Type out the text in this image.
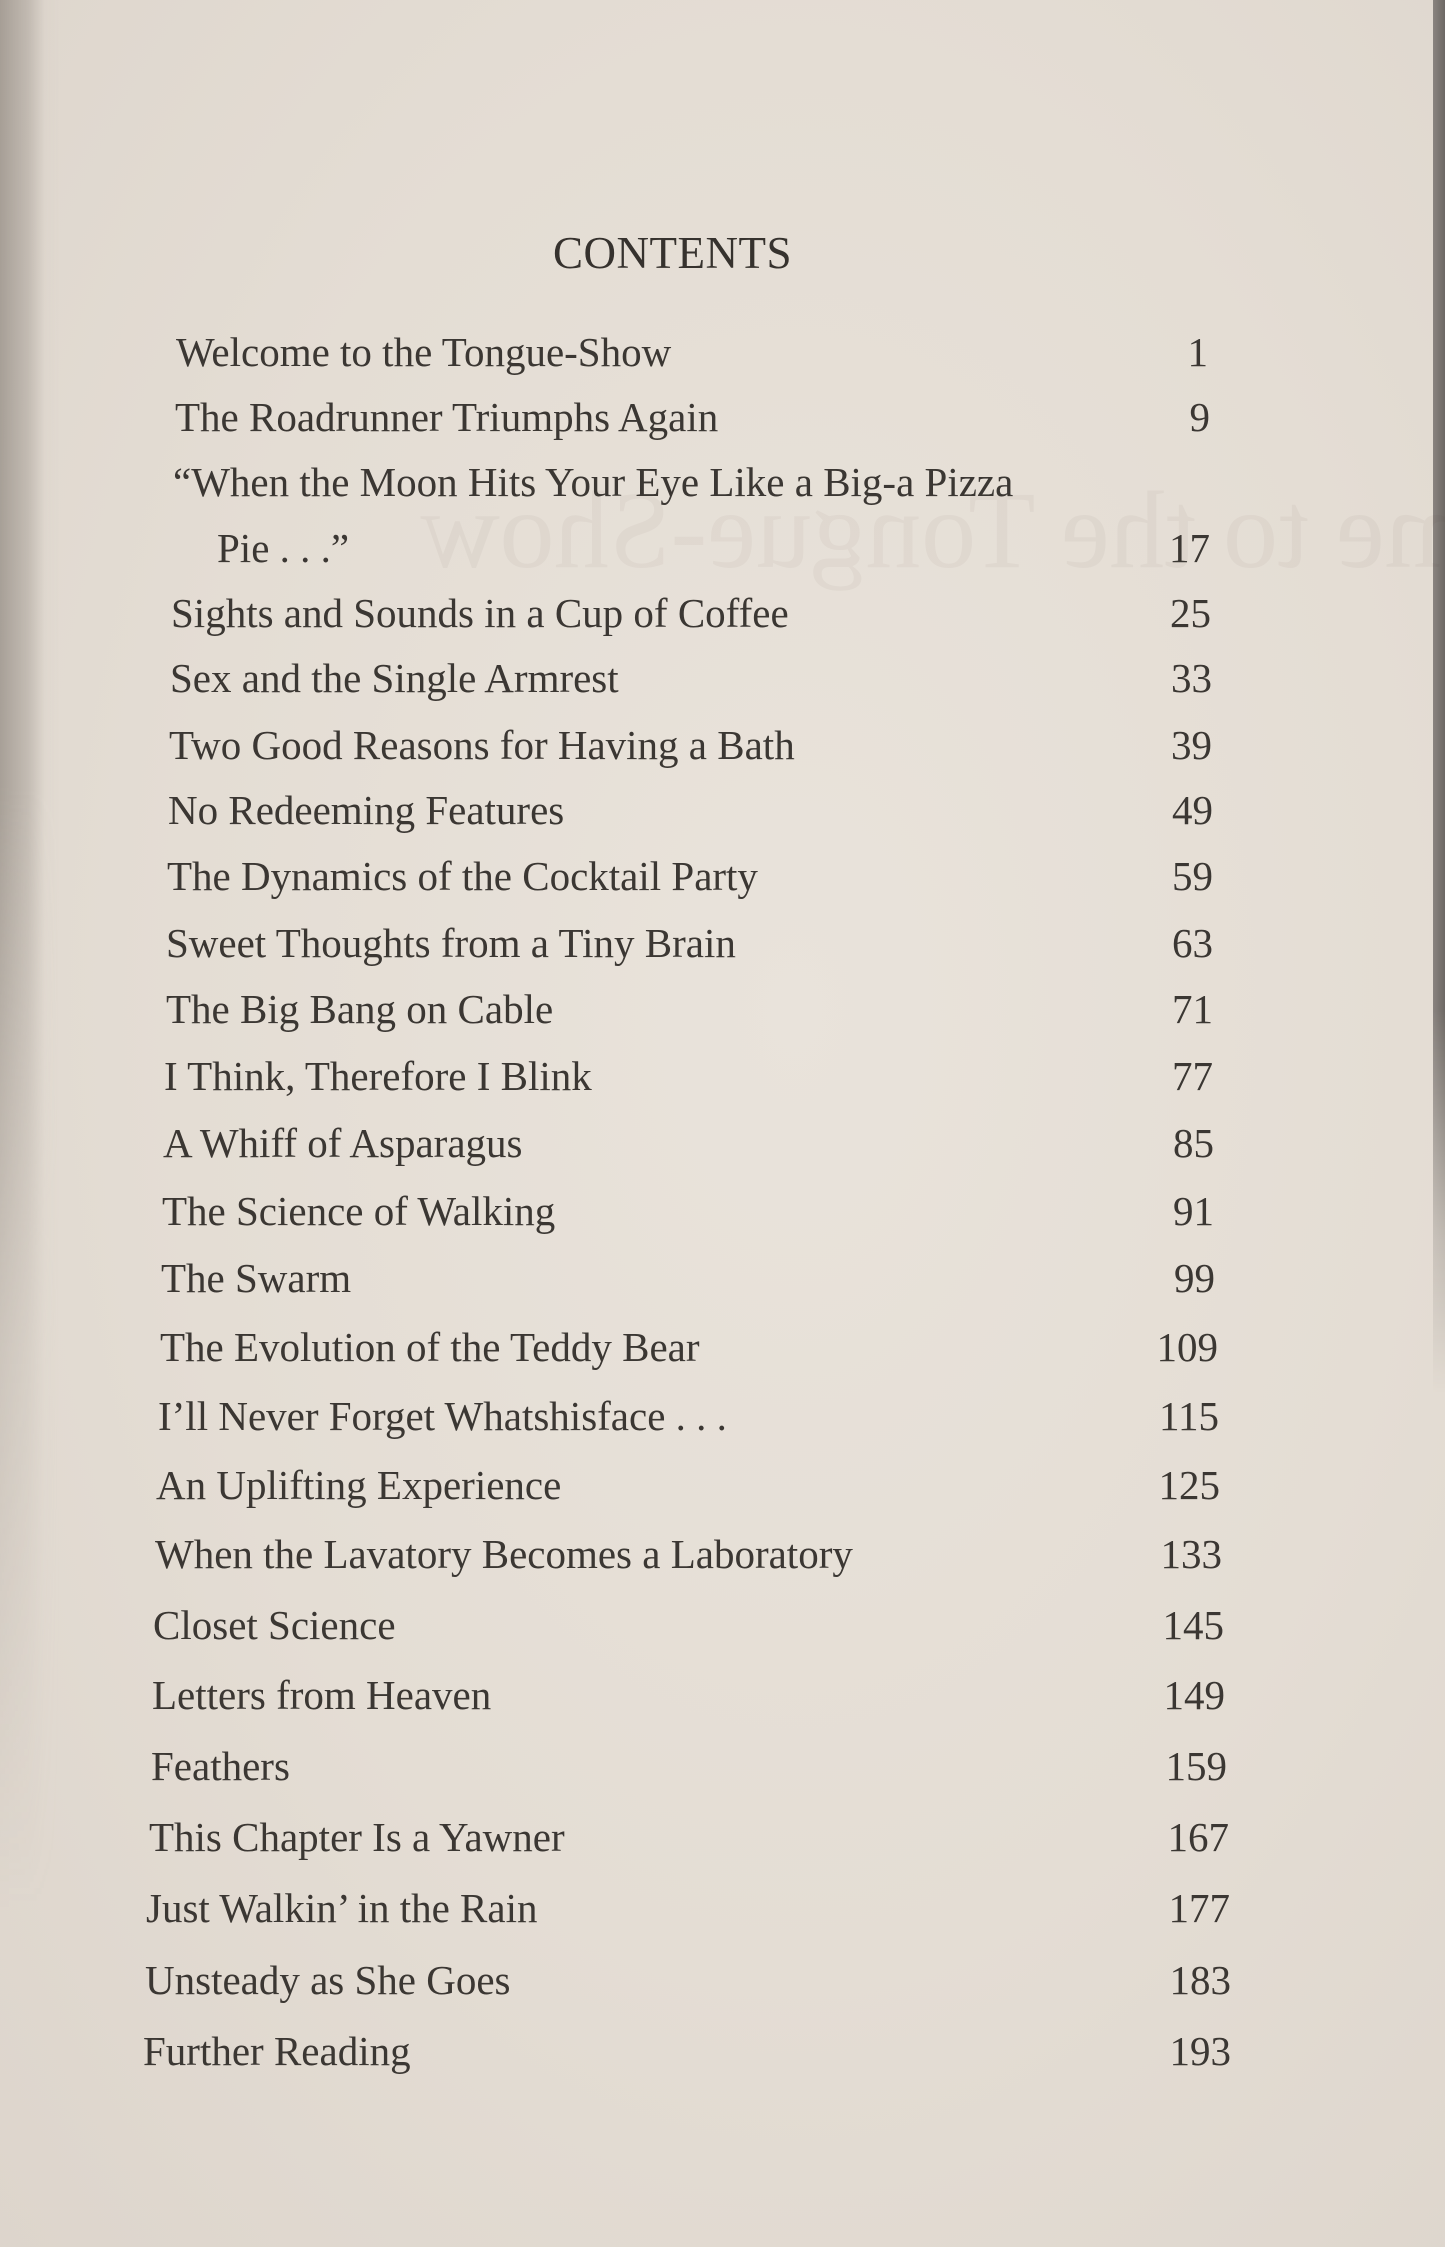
CONTENTS
Welcome to the Tongue-Show	1
The Roadrunner Triumphs Again	9
“When the Moon Hits Your Eye Like a Big-a Pizza
Pie . . .”	17
Sights and Sounds in a Cup of Coffee	25
Sex and the Single Armrest	33
Two Good Reasons for Having a Bath	39
No Redeeming Features	49
The Dynamics of the Cocktail Party	59
Sweet Thoughts from a Tiny Brain	63
The Big Bang on Cable	71
I Think, Therefore I Blink	77
A Whiff of Asparagus	85
The Science of Walking	91
The Swarm	99
The Evolution of the Teddy Bear	109
I’ll Never Forget Whatshisface . . .	115
An Uplifting Experience	125
When the Lavatory Becomes a Laboratory	133
Closet Science	145
Letters from Heaven	149
Feathers	159
This Chapter Is a Yawner	167
Just Walkin’ in the Rain	177
Unsteady as She Goes	183
Further Reading	193
